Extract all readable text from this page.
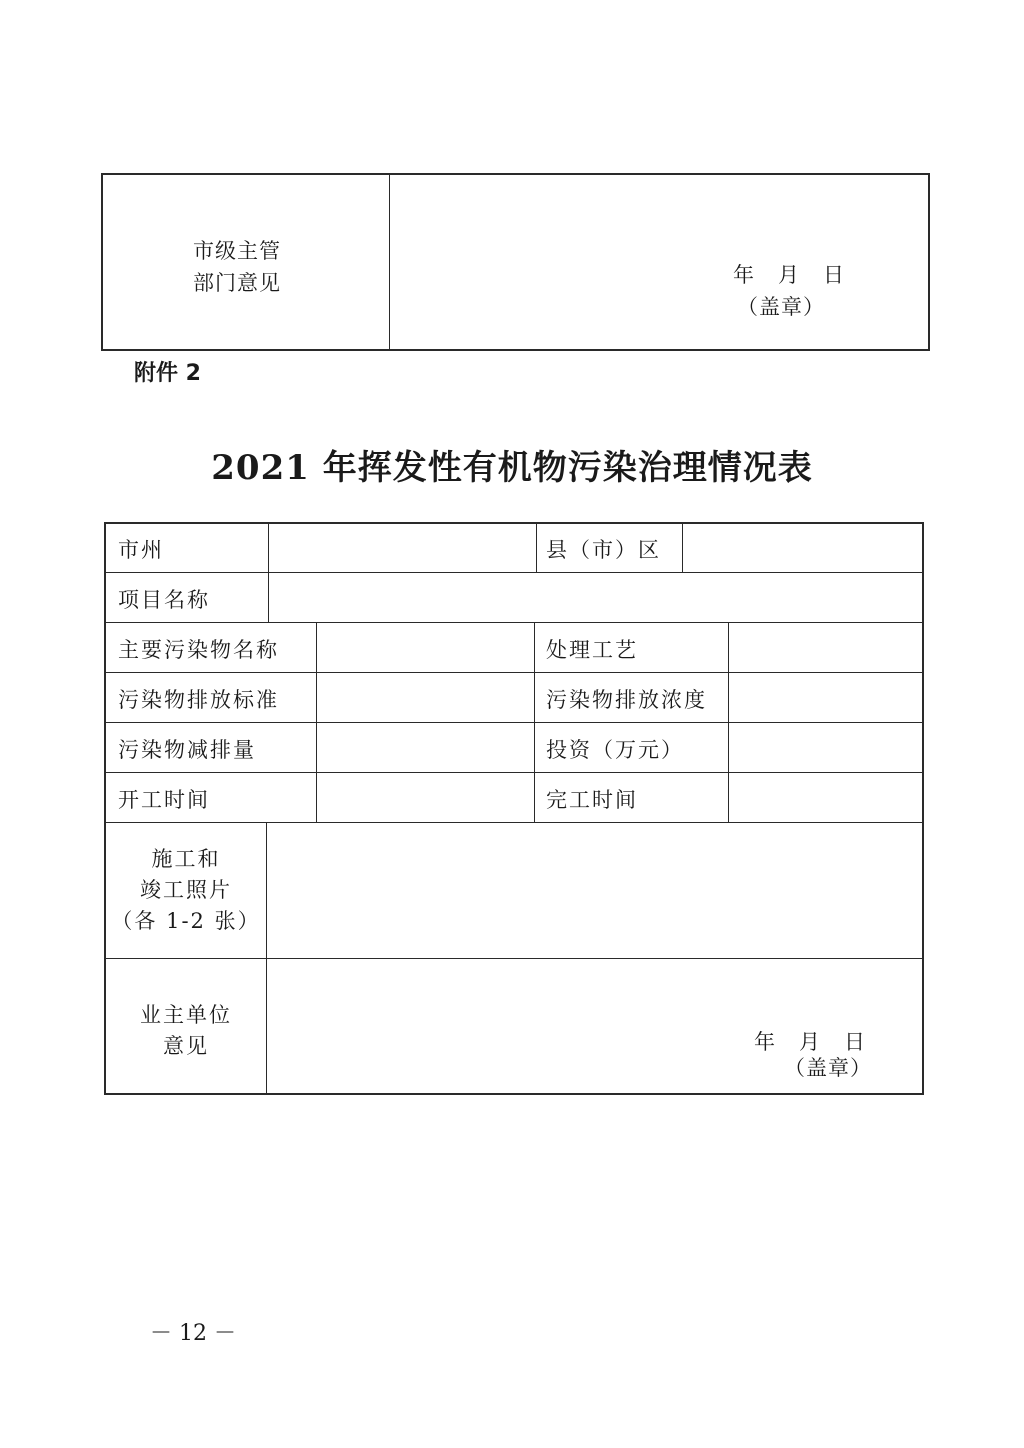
市级主管
部门意见	年   月   日
（盖章）
附件 2
2021 年挥发性有机物污染治理情况表
市州	县（市）区
项目名称
主要污染物名称	处理工艺
污染物排放标准	污染物排放浓度
污染物减排量	投资（万元）
开工时间	完工时间
施工和
竣工照片
（各 1-2 张）
业主单位
意见	年   月   日
（盖章）
－ 12 －
